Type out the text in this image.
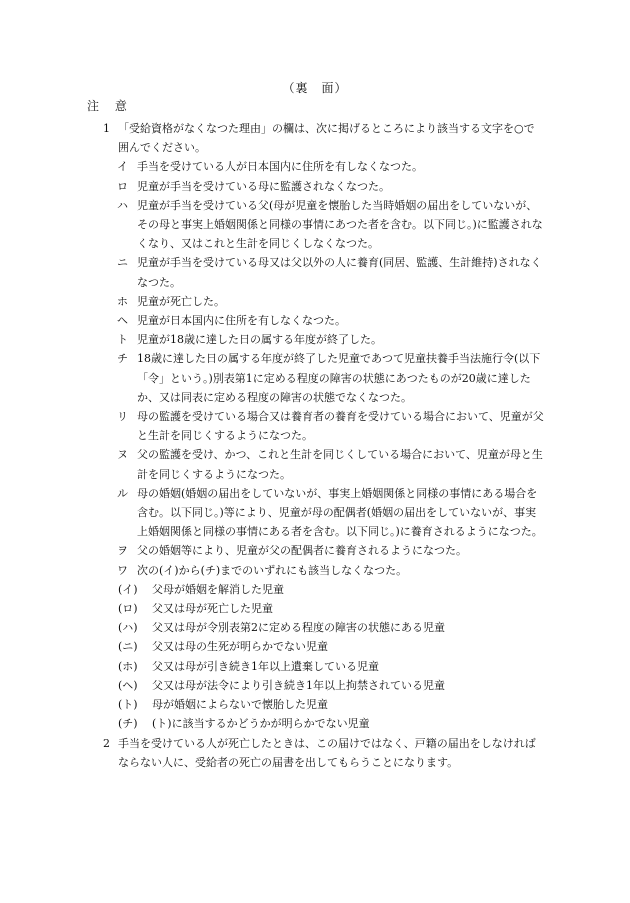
（裏　面）
注 意
1 「受給資格がなくなつた理由」の欄は、次に掲げるところにより該当する文字を○で囲んでください。

イ 手当を受けている人が日本国内に住所を有しなくなつた。

ロ 児童が手当を受けている母に監護されなくなつた。

ハ 児童が手当を受けている父(母が児童を懐胎した当時婚姻の届出をしていないが、その母と事実上婚姻関係と同様の事情にあつた者を含む。以下同じ。)に監護されなくなり、又はこれと生計を同じくしなくなつた。

ニ 児童が手当を受けている母又は父以外の人に養育(同居、監護、生計維持)されなくなつた。

ホ 児童が死亡した。

ヘ 児童が日本国内に住所を有しなくなつた。

ト 児童が18歳に達した日の属する年度が終了した。

チ 18歳に達した日の属する年度が終了した児童であつて児童扶養手当法施行令(以下「令」という。)別表第1に定める程度の障害の状態にあつたものが20歳に達したか、又は同表に定める程度の障害の状態でなくなつた。

リ 母の監護を受けている場合又は養育者の養育を受けている場合において、児童が父と生計を同じくするようになつた。

ヌ 父の監護を受け、かつ、これと生計を同じくしている場合において、児童が母と生計を同じくするようになつた。

ル 母の婚姻(婚姻の届出をしていないが、事実上婚姻関係と同様の事情にある場合を含む。以下同じ。)等により、児童が母の配偶者(婚姻の届出をしていないが、事実上婚姻関係と同様の事情にある者を含む。以下同じ。)に養育されるようになつた。

ヲ 父の婚姻等により、児童が父の配偶者に養育されるようになつた。

ワ 次の(イ)から(チ)までのいずれにも該当しなくなつた。

(イ)	父母が婚姻を解消した児童
(ロ)	父又は母が死亡した児童
(ハ)	父又は母が令別表第2に定める程度の障害の状態にある児童
(ニ)	父又は母の生死が明らかでない児童
(ホ)	父又は母が引き続き1年以上遺棄している児童
(ヘ)	父又は母が法令により引き続き1年以上拘禁されている児童
(ト)	母が婚姻によらないで懐胎した児童
(チ)	(ト)に該当するかどうかが明らかでない児童
2 手当を受けている人が死亡したときは、この届けではなく、戸籍の届出をしなければならない人に、受給者の死亡の届書を出してもらうことになります。
